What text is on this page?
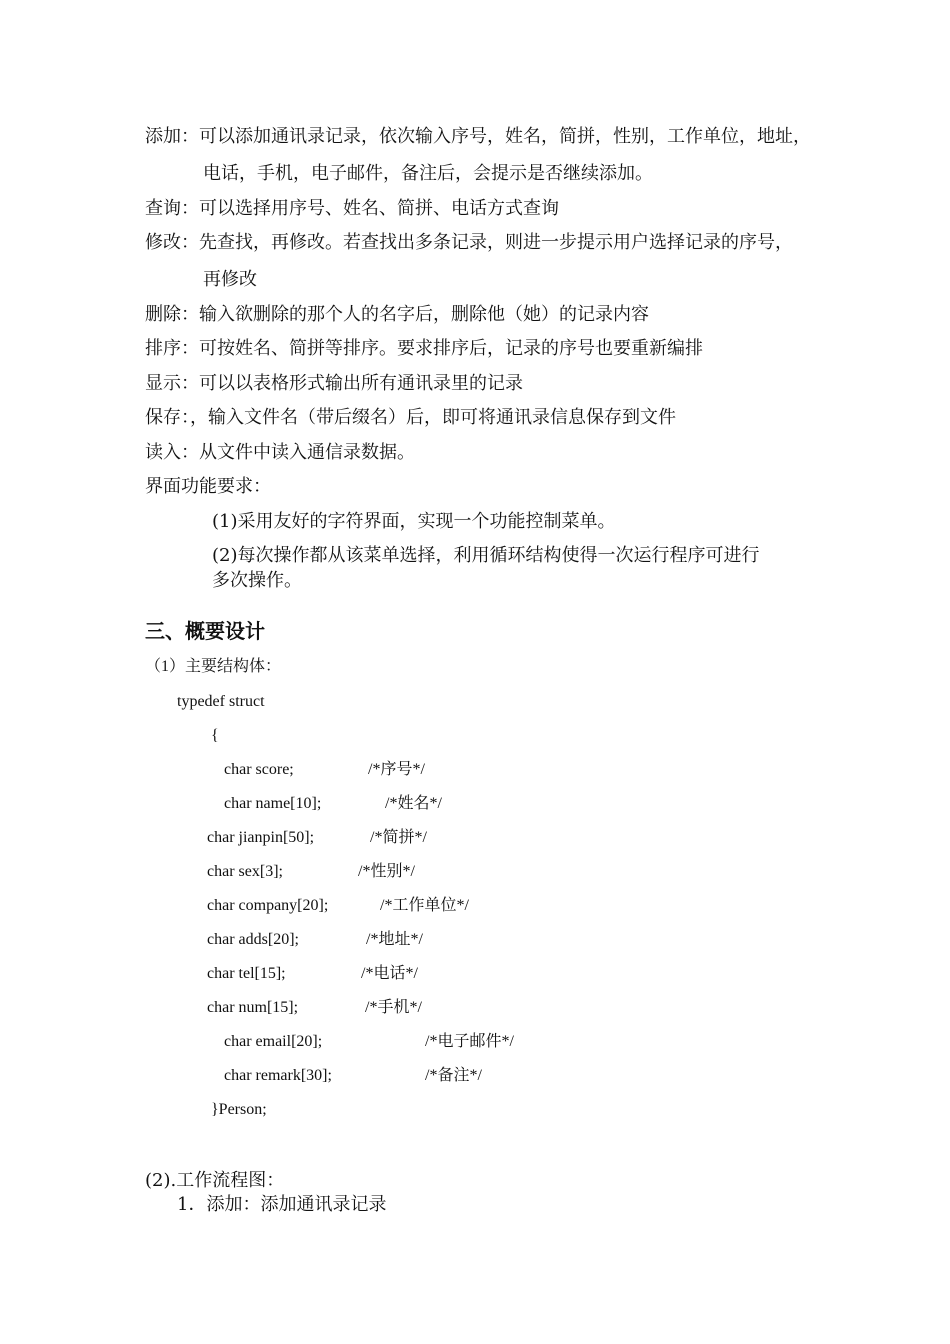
添加：可以添加通讯录记录，依次输入序号，姓名，简拼，性别，工作单位，地址，
电话，手机，电子邮件，备注后，会提示是否继续添加。
查询：可以选择用序号、姓名、简拼、电话方式查询
修改：先查找，再修改。若查找出多条记录，则进一步提示用户选择记录的序号，
再修改
删除：输入欲删除的那个人的名字后，删除他（她）的记录内容
排序：可按姓名、简拼等排序。要求排序后，记录的序号也要重新编排
显示：可以以表格形式输出所有通讯录里的记录
保存：，输入文件名（带后缀名）后，即可将通讯录信息保存到文件
读入：从文件中读入通信录数据。
界面功能要求：
(1)采用友好的字符界面，实现一个功能控制菜单。
(2)每次操作都从该菜单选择，利用循环结构使得一次运行程序可进行
多次操作。
三、概要设计
（1）主要结构体：
typedef struct
{
char score;	/*序号*/
char name[10];	/*姓名*/
char jianpin[50];	/*简拼*/
char sex[3];	/*性别*/
char company[20];	/*工作单位*/
char adds[20];	/*地址*/
char tel[15];	/*电话*/
char num[15];	/*手机*/
char email[20];	/*电子邮件*/
char remark[30];	/*备注*/
}Person;
(2).工作流程图：
1．添加：添加通讯录记录
